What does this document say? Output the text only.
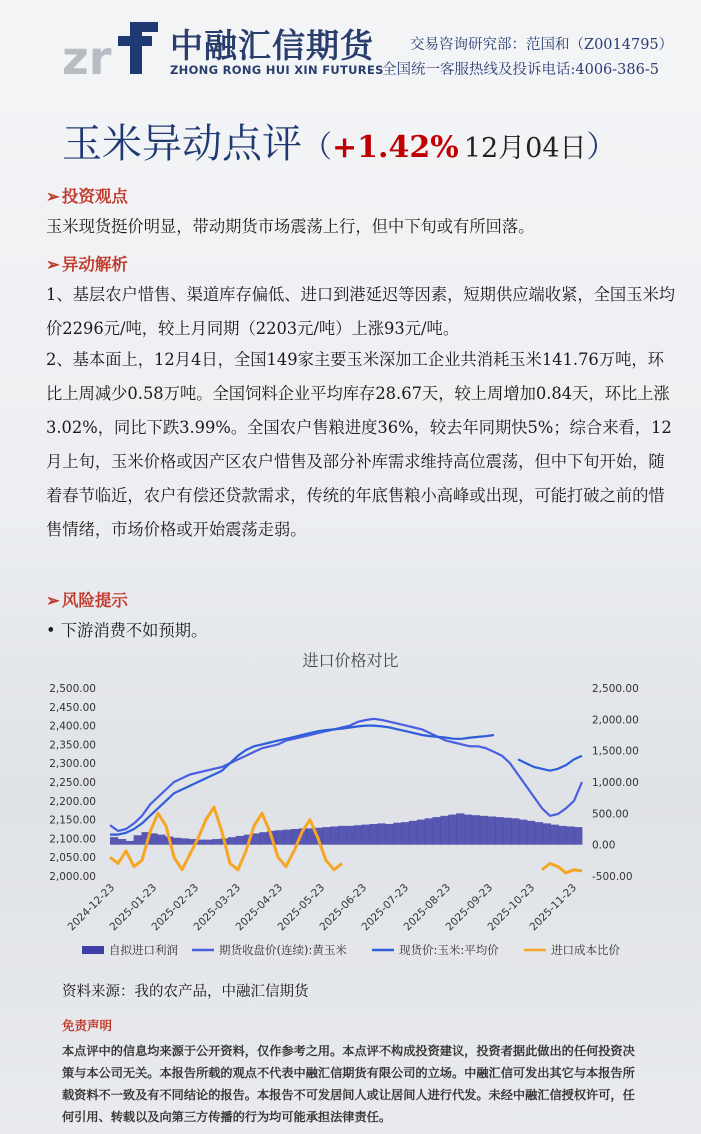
zr 中融汇信期货
ZHONG RONG HUI XIN FUTURES
交易咨询研究部：范国和（Z0014795）
全国统一客服热线及投诉电话:4006-386-5
玉米异动点评（+1.42% 12月04日）
➢ 投资观点
玉米现货挺价明显，带动期货市场震荡上行，但中下旬或有所回落。
➢ 异动解析
1、基层农户惜售、渠道库存偏低、进口到港延迟等因素，短期供应端收紧，全国玉米均价2296元/吨，较上月同期（2203元/吨）上涨93元/吨。
2、基本面上，12月4日，全国149家主要玉米深加工企业共消耗玉米141.76万吨，环比上周减少0.58万吨。全国饲料企业平均库存28.67天，较上周增加0.84天，环比上涨3.02%，同比下跌3.99%。全国农户售粮进度36%，较去年同期快5%；综合来看，12月上旬，玉米价格或因产区农户惜售及部分补库需求维持高位震荡，但中下旬开始，随着春节临近，农户有偿还贷款需求，传统的年底售粮小高峰或出现，可能打破之前的惜售情绪，市场价格或开始震荡走弱。
➢ 风险提示
• 下游消费不如预期。
进口价格对比
2,500.00
2,450.00
2,400.00
2,350.00
2,300.00
2,250.00
2,200.00
2,150.00
2,100.00
2,050.00
2,000.00
2,500.00
2,000.00
1,500.00
1,000.00
500.00
0.00
-500.00
2024-12-23
2025-01-23
2025-02-23
2025-03-23
2025-04-23
2025-05-23
2025-06-23
2025-07-23
2025-08-23
2025-09-23
2025-10-23
2025-11-23
自拟进口利润	期货收盘价(连续):黄玉米	现货价:玉米:平均价	进口成本比价
资料来源：我的农产品，中融汇信期货
免责声明
本点评中的信息均来源于公开资料，仅作参考之用。本点评不构成投资建议，投资者据此做出的任何投资决策与本公司无关。本报告所载的观点不代表中融汇信期货有限公司的立场。中融汇信可发出其它与本报告所载资料不一致及有不同结论的报告。本报告不可发居间人或让居间人进行代发。未经中融汇信授权许可，任何引用、转载以及向第三方传播的行为均可能承担法律责任。
